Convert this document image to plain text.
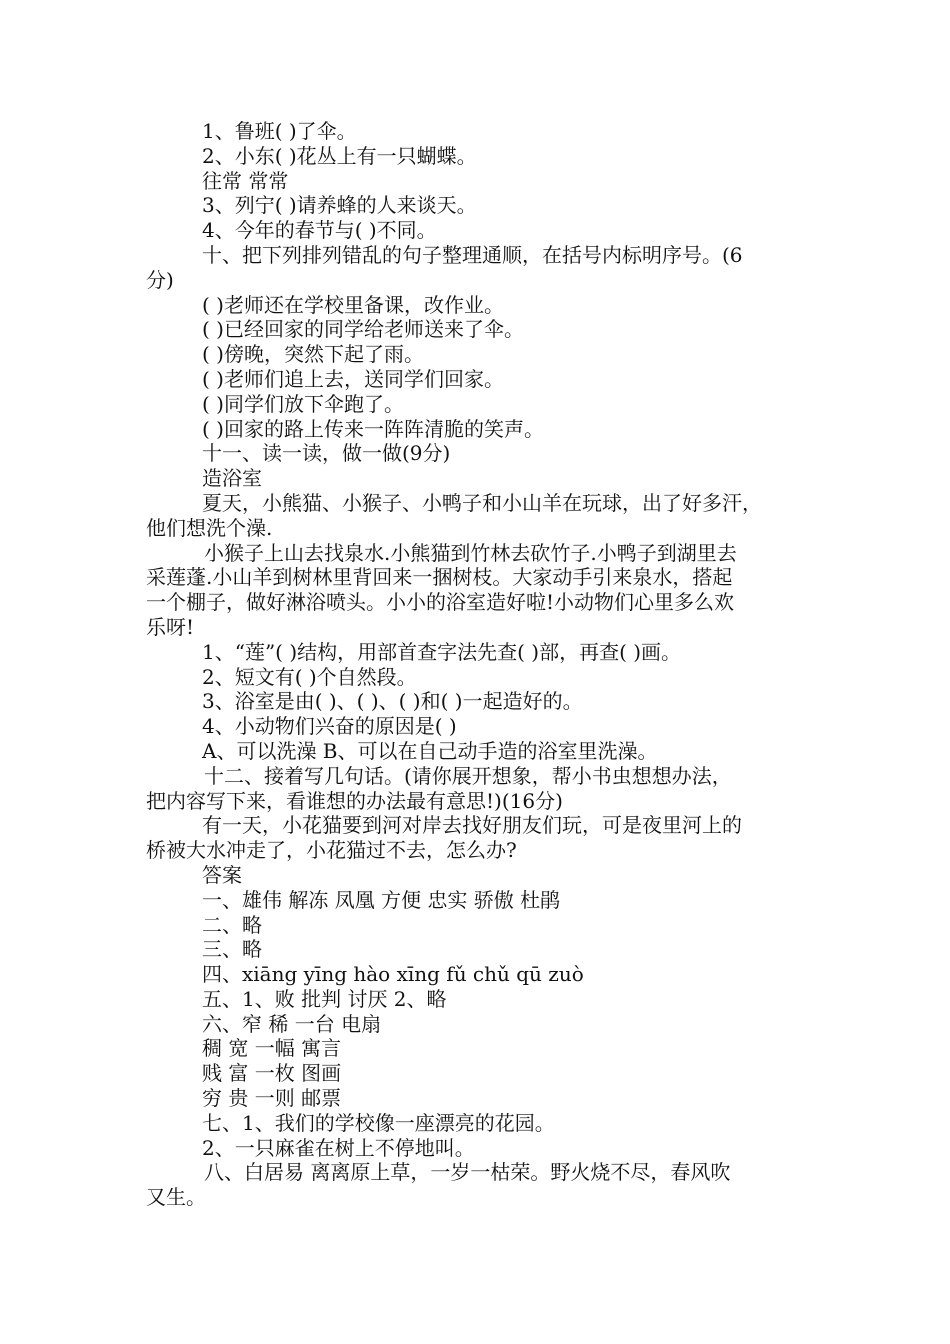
1、鲁班( )了伞。
2、小东( )花丛上有一只蝴蝶。
往常 常常
3、列宁( )请养蜂的人来谈天。
4、今年的春节与( )不同。
十、把下列排列错乱的句子整理通顺，在括号内标明序号。(6
分)
( )老师还在学校里备课，改作业。
( )已经回家的同学给老师送来了伞。
( )傍晚，突然下起了雨。
( )老师们追上去，送同学们回家。
( )同学们放下伞跑了。
( )回家的路上传来一阵阵清脆的笑声。
十一、读一读，做一做(9分)
造浴室
夏天，小熊猫、小猴子、小鸭子和小山羊在玩球，出了好多汗，
他们想洗个澡.
小猴子上山去找泉水.小熊猫到竹林去砍竹子.小鸭子到湖里去
采莲蓬.小山羊到树林里背回来一捆树枝。大家动手引来泉水，搭起
一个棚子，做好淋浴喷头。小小的浴室造好啦!小动物们心里多么欢
乐呀!
1、“莲”( )结构，用部首查字法先查( )部，再查( )画。
2、短文有( )个自然段。
3、浴室是由( )、( )、( )和( )一起造好的。
4、小动物们兴奋的原因是( )
A、可以洗澡 B、可以在自己动手造的浴室里洗澡。
十二、接着写几句话。(请你展开想象，帮小书虫想想办法，
把内容写下来，看谁想的办法最有意思!)(16分)
有一天，小花猫要到河对岸去找好朋友们玩，可是夜里河上的
桥被大水冲走了，小花猫过不去，怎么办?
答案
一、雄伟 解冻 凤凰 方便 忠实 骄傲 杜鹃
二、略
三、略
四、xiāng yīng hào xīng fǔ chǔ qū zuò
五、1、败 批判 讨厌 2、略
六、窄 稀 一台 电扇
稠 宽 一幅 寓言
贱 富 一枚 图画
穷 贵 一则 邮票
七、1、我们的学校像一座漂亮的花园。
2、一只麻雀在树上不停地叫。
八、白居易 离离原上草，一岁一枯荣。野火烧不尽，春风吹
又生。
